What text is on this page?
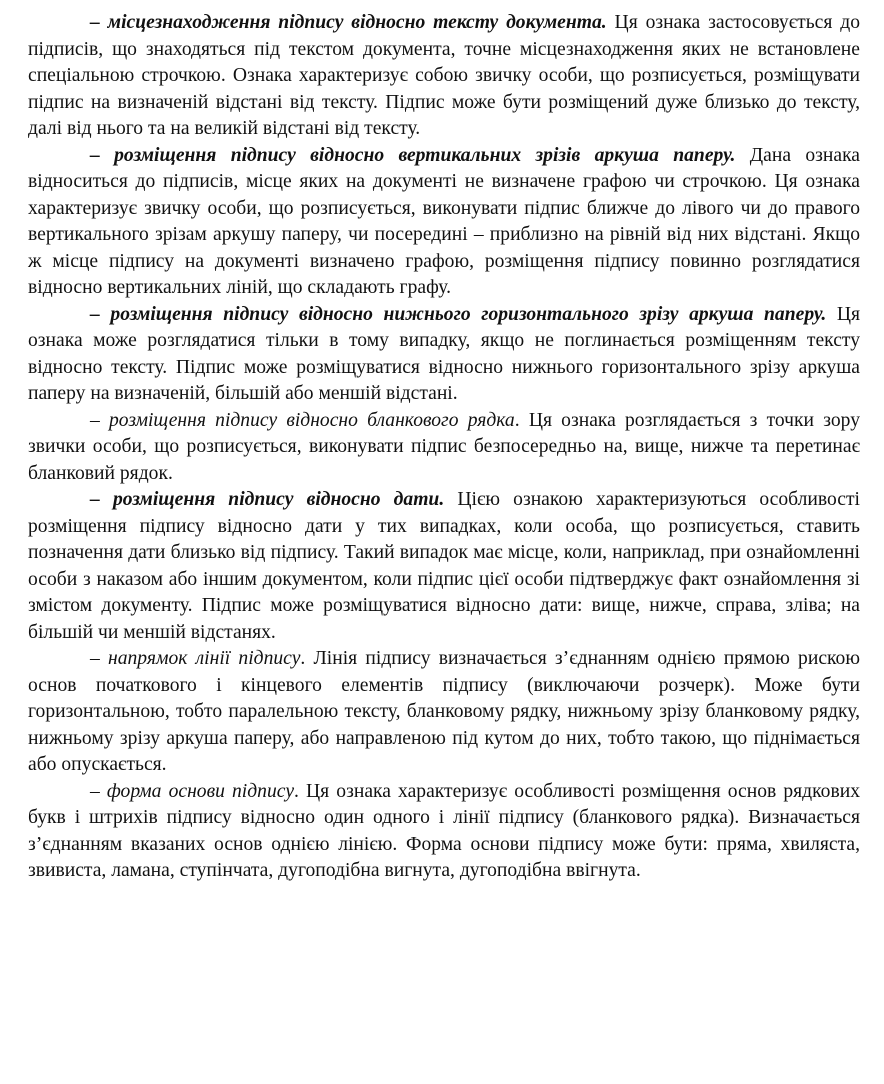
– місцезнаходження підпису відносно тексту документа. Ця ознака застосовується до підписів, що знаходяться під текстом документа, точне місцезнаходження яких не встановлене спеціальною строчкою. Ознака характеризує собою звичку особи, що розписується, розміщувати підпис на визначеній відстані від тексту. Підпис може бути розміщений дуже близько до тексту, далі від нього та на великій відстані від тексту.

– розміщення підпису відносно вертикальних зрізів аркуша паперу. Дана ознака відноситься до підписів, місце яких на документі не визначене графою чи строчкою. Ця ознака характеризує звичку особи, що розписується, виконувати підпис ближче до лівого чи до правого вертикального зрізам аркушу паперу, чи посередині – приблизно на рівній від них відстані. Якщо ж місце підпису на документі визначено графою, розміщення підпису повинно розглядатися відносно вертикальних ліній, що складають графу.

– розміщення підпису відносно нижнього горизонтального зрізу аркуша паперу. Ця ознака може розглядатися тільки в тому випадку, якщо не поглинається розміщенням тексту відносно тексту. Підпис може розміщуватися відносно нижнього горизонтального зрізу аркуша паперу на визначеній, більшій або меншій відстані.

– розміщення підпису відносно бланкового рядка. Ця ознака розглядається з точки зору звички особи, що розписується, виконувати підпис безпосередньо на, вище, нижче та перетинає бланковий рядок.

– розміщення підпису відносно дати. Цією ознакою характеризуються особливості розміщення підпису відносно дати у тих випадках, коли особа, що розписується, ставить позначення дати близько від підпису. Такий випадок має місце, коли, наприклад, при ознайомленні особи з наказом або іншим документом, коли підпис цієї особи підтверджує факт ознайомлення зі змістом документу. Підпис може розміщуватися відносно дати: вище, нижче, справа, зліва; на більшій чи меншій відстанях.

– напрямок лінії підпису. Лінія підпису визначається з’єднанням однією прямою рискою основ початкового і кінцевого елементів підпису (виключаючи розчерк). Може бути горизонтальною, тобто паралельною тексту, бланковому рядку, нижньому зрізу бланковому рядку, нижньому зрізу аркуша паперу, або направленою під кутом до них, тобто такою, що піднімається або опускається.

– форма основи підпису. Ця ознака характеризує особливості розміщення основ рядкових букв і штрихів підпису відносно один одного і лінії підпису (бланкового рядка). Визначається з’єднанням вказаних основ однією лінією. Форма основи підпису може бути: пряма, хвиляста, звивиста, ламана, ступінчата, дугоподібна вигнута, дугоподібна ввігнута.
